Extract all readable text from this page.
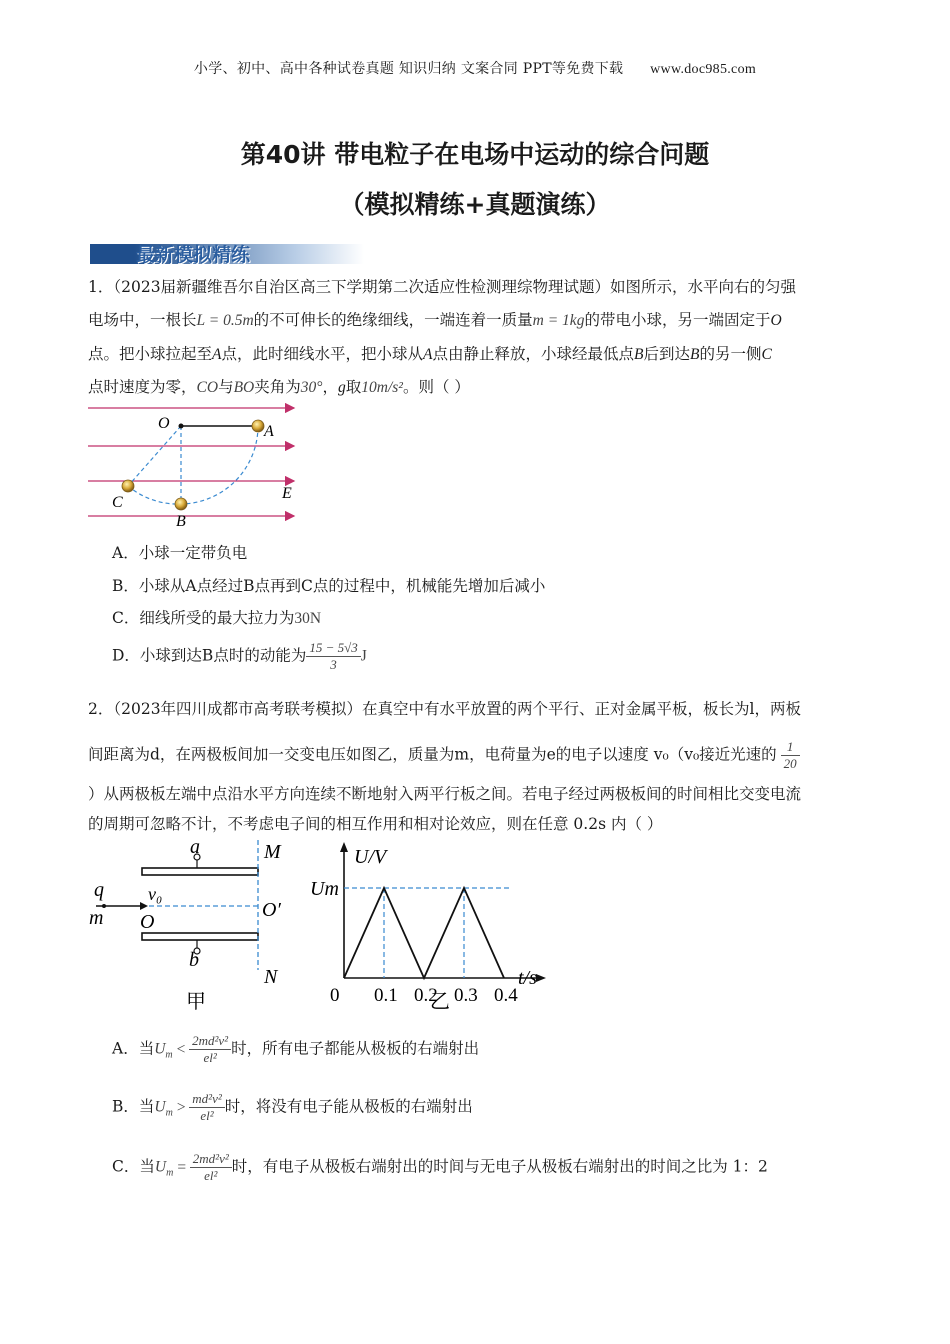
小学、初中、高中各种试卷真题 知识归纳 文案合同 PPT等免费下载 www.doc985.com
第40讲 带电粒子在电场中运动的综合问题
（模拟精练+真题演练）
最新模拟精练
1．（2023届新疆维吾尔自治区高三下学期第二次适应性检测理综物理试题）如图所示，水平向右的匀强
电场中，一根长L = 0.5m的不可伸长的绝缘细线，一端连着一质量m = 1kg的带电小球，另一端固定于O
点。把小球拉起至A点，此时细线水平，把小球从A点由静止释放，小球经最低点B后到达B的另一侧C
点时速度为零，CO与BO夹角为30°，g取10m/s²。则（ ）
O	A
B
C
E
A．小球一定带负电
B．小球从A点经过B点再到C点的过程中，机械能先增加后减小
C．细线所受的最大拉力为30N
D．小球到达B点时的动能为 $\frac{15 - 5√3}{3}$ J
2．（2023年四川成都市高考联考模拟）在真空中有水平放置的两个平行、正对金属平板，板长为l，两板
间距离为d，在两极板间加一交变电压如图乙，质量为m，电荷量为e的电子以速度 v₀（v₀接近光速的 $\frac{1}{20}$
）从两极板左端中点沿水平方向连续不断地射入两平行板之间。若电子经过两极板间的时间相比交变电流
的周期可忽略不计，不考虑电子间的相互作用和相对论效应，则在任意 0.2s 内（ ）
a
b
M
N
q
m
v₀
O
O′
甲
U/V
Um
t/s
0 0.1 0.2 0.3 0.4
乙
A．当$U_m < \frac{\text{2md²v²}}{\text{el²}}$ 时，所有电子都能从极板的右端射出
B．当$U_m > \frac{\text{md²v²}}{\text{el²}}$ 时，将没有电子能从极板的右端射出
C．当$U_m = \frac{\text{2md²v²}}{\text{el²}}$ 时，有电子从极板右端射出的时间与无电子从极板右端射出的时间之比为 1：2
